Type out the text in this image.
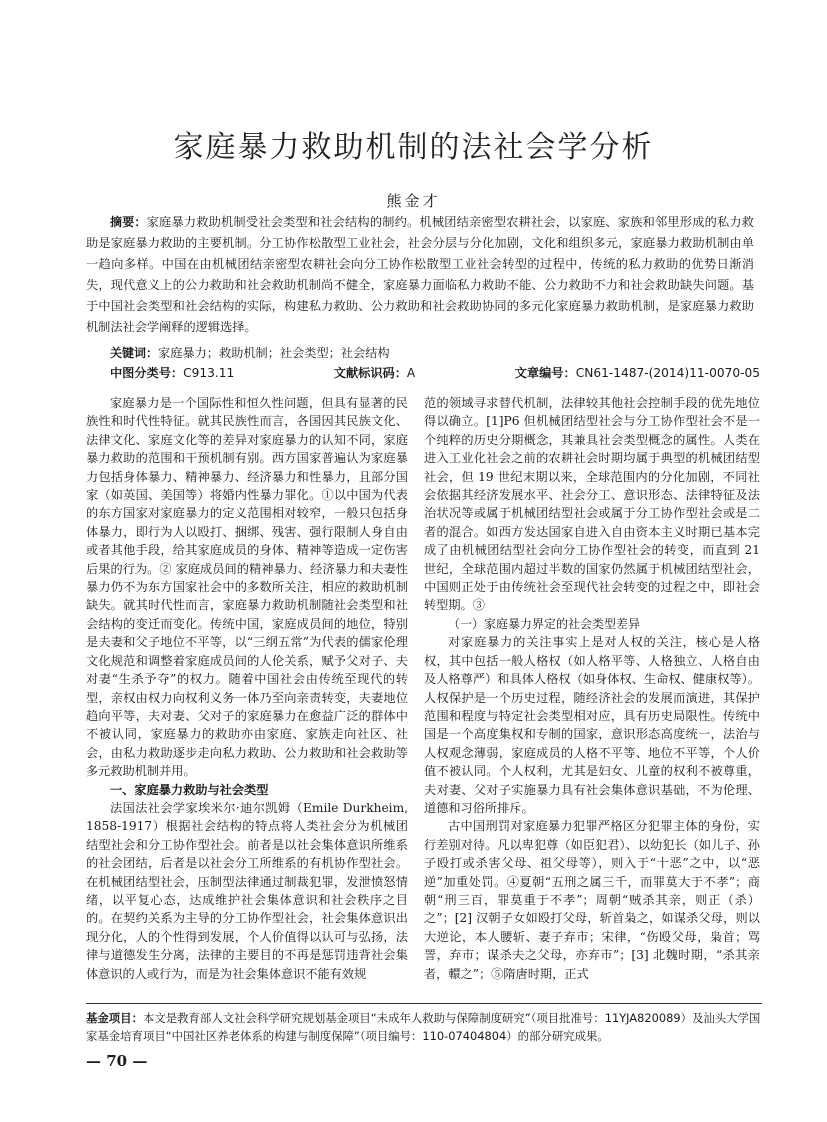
家庭暴力救助机制的法社会学分析

熊金才

摘要：家庭暴力救助机制受社会类型和社会结构的制约。机械团结亲密型农耕社会，以家庭、家族和邻里形成的私力救助是家庭暴力救助的主要机制。分工协作松散型工业社会，社会分层与分化加剧，文化和组织多元，家庭暴力救助机制由单一趋向多样。中国在由机械团结亲密型农耕社会向分工协作松散型工业社会转型的过程中，传统的私力救助的优势日渐消失，现代意义上的公力救助和社会救助机制尚不健全，家庭暴力面临私力救助不能、公力救助不力和社会救助缺失问题。基于中国社会类型和社会结构的实际，构建私力救助、公力救助和社会救助协同的多元化家庭暴力救助机制，是家庭暴力救助机制法社会学阐释的逻辑选择。

关键词：家庭暴力；救助机制；社会类型；社会结构

中图分类号：C913.11	文献标识码：A	文章编号：CN61-1487-(2014)11-0070-05

家庭暴力是一个国际性和恒久性问题，但具有显著的民族性和时代性特征。就其民族性而言，各国因其民族文化、法律文化、家庭文化等的差异对家庭暴力的认知不同，家庭暴力救助的范围和干预机制有别。西方国家普遍认为家庭暴力包括身体暴力、精神暴力、经济暴力和性暴力，且部分国家（如英国、美国等）将婚内性暴力罪化。①以中国为代表的东方国家对家庭暴力的定义范围相对较窄，一般只包括身体暴力，即行为人以殴打、捆绑、残害、强行限制人身自由或者其他手段，给其家庭成员的身体、精神等造成一定伤害后果的行为。② 家庭成员间的精神暴力、经济暴力和夫妻性暴力仍不为东方国家社会中的多数所关注，相应的救助机制缺失。就其时代性而言，家庭暴力救助机制随社会类型和社会结构的变迁而变化。传统中国，家庭成员间的地位，特别是夫妻和父子地位不平等，以“三纲五常”为代表的儒家伦理文化规范和调整着家庭成员间的人伦关系，赋予父对子、夫对妻“生杀予夺”的权力。随着中国社会由传统至现代的转型，亲权由权力向权利义务一体乃至向亲责转变，夫妻地位趋向平等，夫对妻、父对子的家庭暴力在愈益广泛的群体中不被认同，家庭暴力的救助亦由家庭、家族走向社区、社会，由私力救助逐步走向私力救助、公力救助和社会救助等多元救助机制并用。

一、家庭暴力救助与社会类型

法国法社会学家埃米尔·迪尔凯姆（Emile Durkheim, 1858-1917）根据社会结构的特点将人类社会分为机械团结型社会和分工协作型社会。前者是以社会集体意识所维系的社会团结，后者是以社会分工所维系的有机协作型社会。在机械团结型社会，压制型法律通过制裁犯罪，发泄愤怒情绪，以平复心态，达成维护社会集体意识和社会秩序之目的。在契约关系为主导的分工协作型社会，社会集体意识出现分化，人的个性得到发展，个人价值得以认可与弘扬，法律与道德发生分离，法律的主要目的不再是惩罚违背社会集体意识的人或行为，而是为社会集体意识不能有效规

范的领域寻求替代机制，法律较其他社会控制手段的优先地位得以确立。[1]P6 但机械团结型社会与分工协作型社会不是一个纯粹的历史分期概念，其兼具社会类型概念的属性。人类在进入工业化社会之前的农耕社会时期均属于典型的机械团结型社会，但 19 世纪末期以来，全球范围内的分化加剧，不同社会依据其经济发展水平、社会分工、意识形态、法律特征及法治状况等或属于机械团结型社会或属于分工协作型社会或是二者的混合。如西方发达国家自进入自由资本主义时期已基本完成了由机械团结型社会向分工协作型社会的转变，而直到 21 世纪，全球范围内超过半数的国家仍然属于机械团结型社会，中国则正处于由传统社会至现代社会转变的过程之中，即社会转型期。③

（一）家庭暴力界定的社会类型差异

对家庭暴力的关注事实上是对人权的关注，核心是人格权，其中包括一般人格权（如人格平等、人格独立、人格自由及人格尊严）和具体人格权（如身体权、生命权、健康权等）。人权保护是一个历史过程，随经济社会的发展而演进，其保护范围和程度与特定社会类型相对应，具有历史局限性。传统中国是一个高度集权和专制的国家，意识形态高度统一，法治与人权观念薄弱，家庭成员的人格不平等、地位不平等，个人价值不被认同。个人权利，尤其是妇女、儿童的权利不被尊重，夫对妻、父对子实施暴力具有社会集体意识基础，不为伦理、道德和习俗所排斥。

古中国刑罚对家庭暴力犯罪严格区分犯罪主体的身份，实行差别对待。凡以卑犯尊（如臣犯君）、以幼犯长（如儿子、孙子殴打或杀害父母、祖父母等），则入于“十恶”之中，以“恶逆”加重处罚。④夏朝“五刑之属三千，而罪莫大于不孝”；商朝“刑三百，罪莫重于不孝”；周朝“贼杀其亲，则正（杀）之”；[2] 汉朝子女如殴打父母，斩首枭之，如谋杀父母，则以大逆论，本人腰斩、妻子弃市；宋律，“伤殴父母，枭首；骂詈，弃市；谋杀夫之父母，亦弃市”；[3] 北魏时期，“杀其亲者，轘之”；⑤隋唐时期，正式

基金项目：本文是教育部人文社会科学研究规划基金项目“未成年人救助与保障制度研究”（项目批准号：11YJA820089）及汕头大学国家基金培育项目“中国社区养老体系的构建与制度保障”（项目编号：110-07404804）的部分研究成果。

— 70 —
